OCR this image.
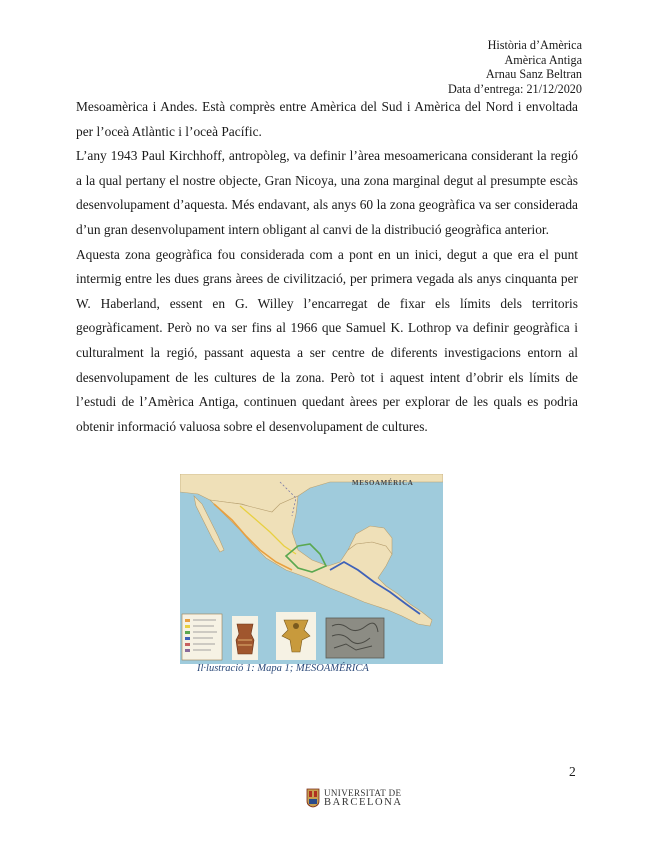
Història d’Amèrica
Amèrica Antiga
Arnau Sanz Beltran
Data d’entrega: 21/12/2020

Mesoamèrica i Andes. Està comprès entre Amèrica del Sud i Amèrica del Nord i envoltada per l’oceà Atlàntic i l’oceà Pacífic.

L’any 1943 Paul Kirchhoff, antropòleg, va definir l’àrea mesoamericana considerant la regió a la qual pertany el nostre objecte, Gran Nicoya, una zona marginal degut al presumpte escàs desenvolupament d’aquesta. Més endavant, als anys 60 la zona geogràfica va ser considerada d’un gran desenvolupament intern obligant al canvi de la distribució geogràfica anterior.

Aquesta zona geogràfica fou considerada com a pont en un inici, degut a que era el punt intermig entre les dues grans àrees de civilització, per primera vegada als anys cinquanta per W. Haberland, essent en G. Willey l’encarregat de fixar els límits dels territoris geogràficament. Però no va ser fins al 1966 que Samuel K. Lothrop va definir geogràfica i culturalment la regió, passant aquesta a ser centre de diferents investigacions entorn al desenvolupament de les cultures de la zona. Però tot i aquest intent d’obrir els límits de l’estudi de l’Amèrica Antiga, continuen quedant àrees per explorar de les quals es podria obtenir informació valuosa sobre el desenvolupament de cultures.

MESOAMÉRICA
Il·lustració 1: Mapa 1; MESOAMÉRICA
2
UNIVERSITAT DE
BARCELONA
